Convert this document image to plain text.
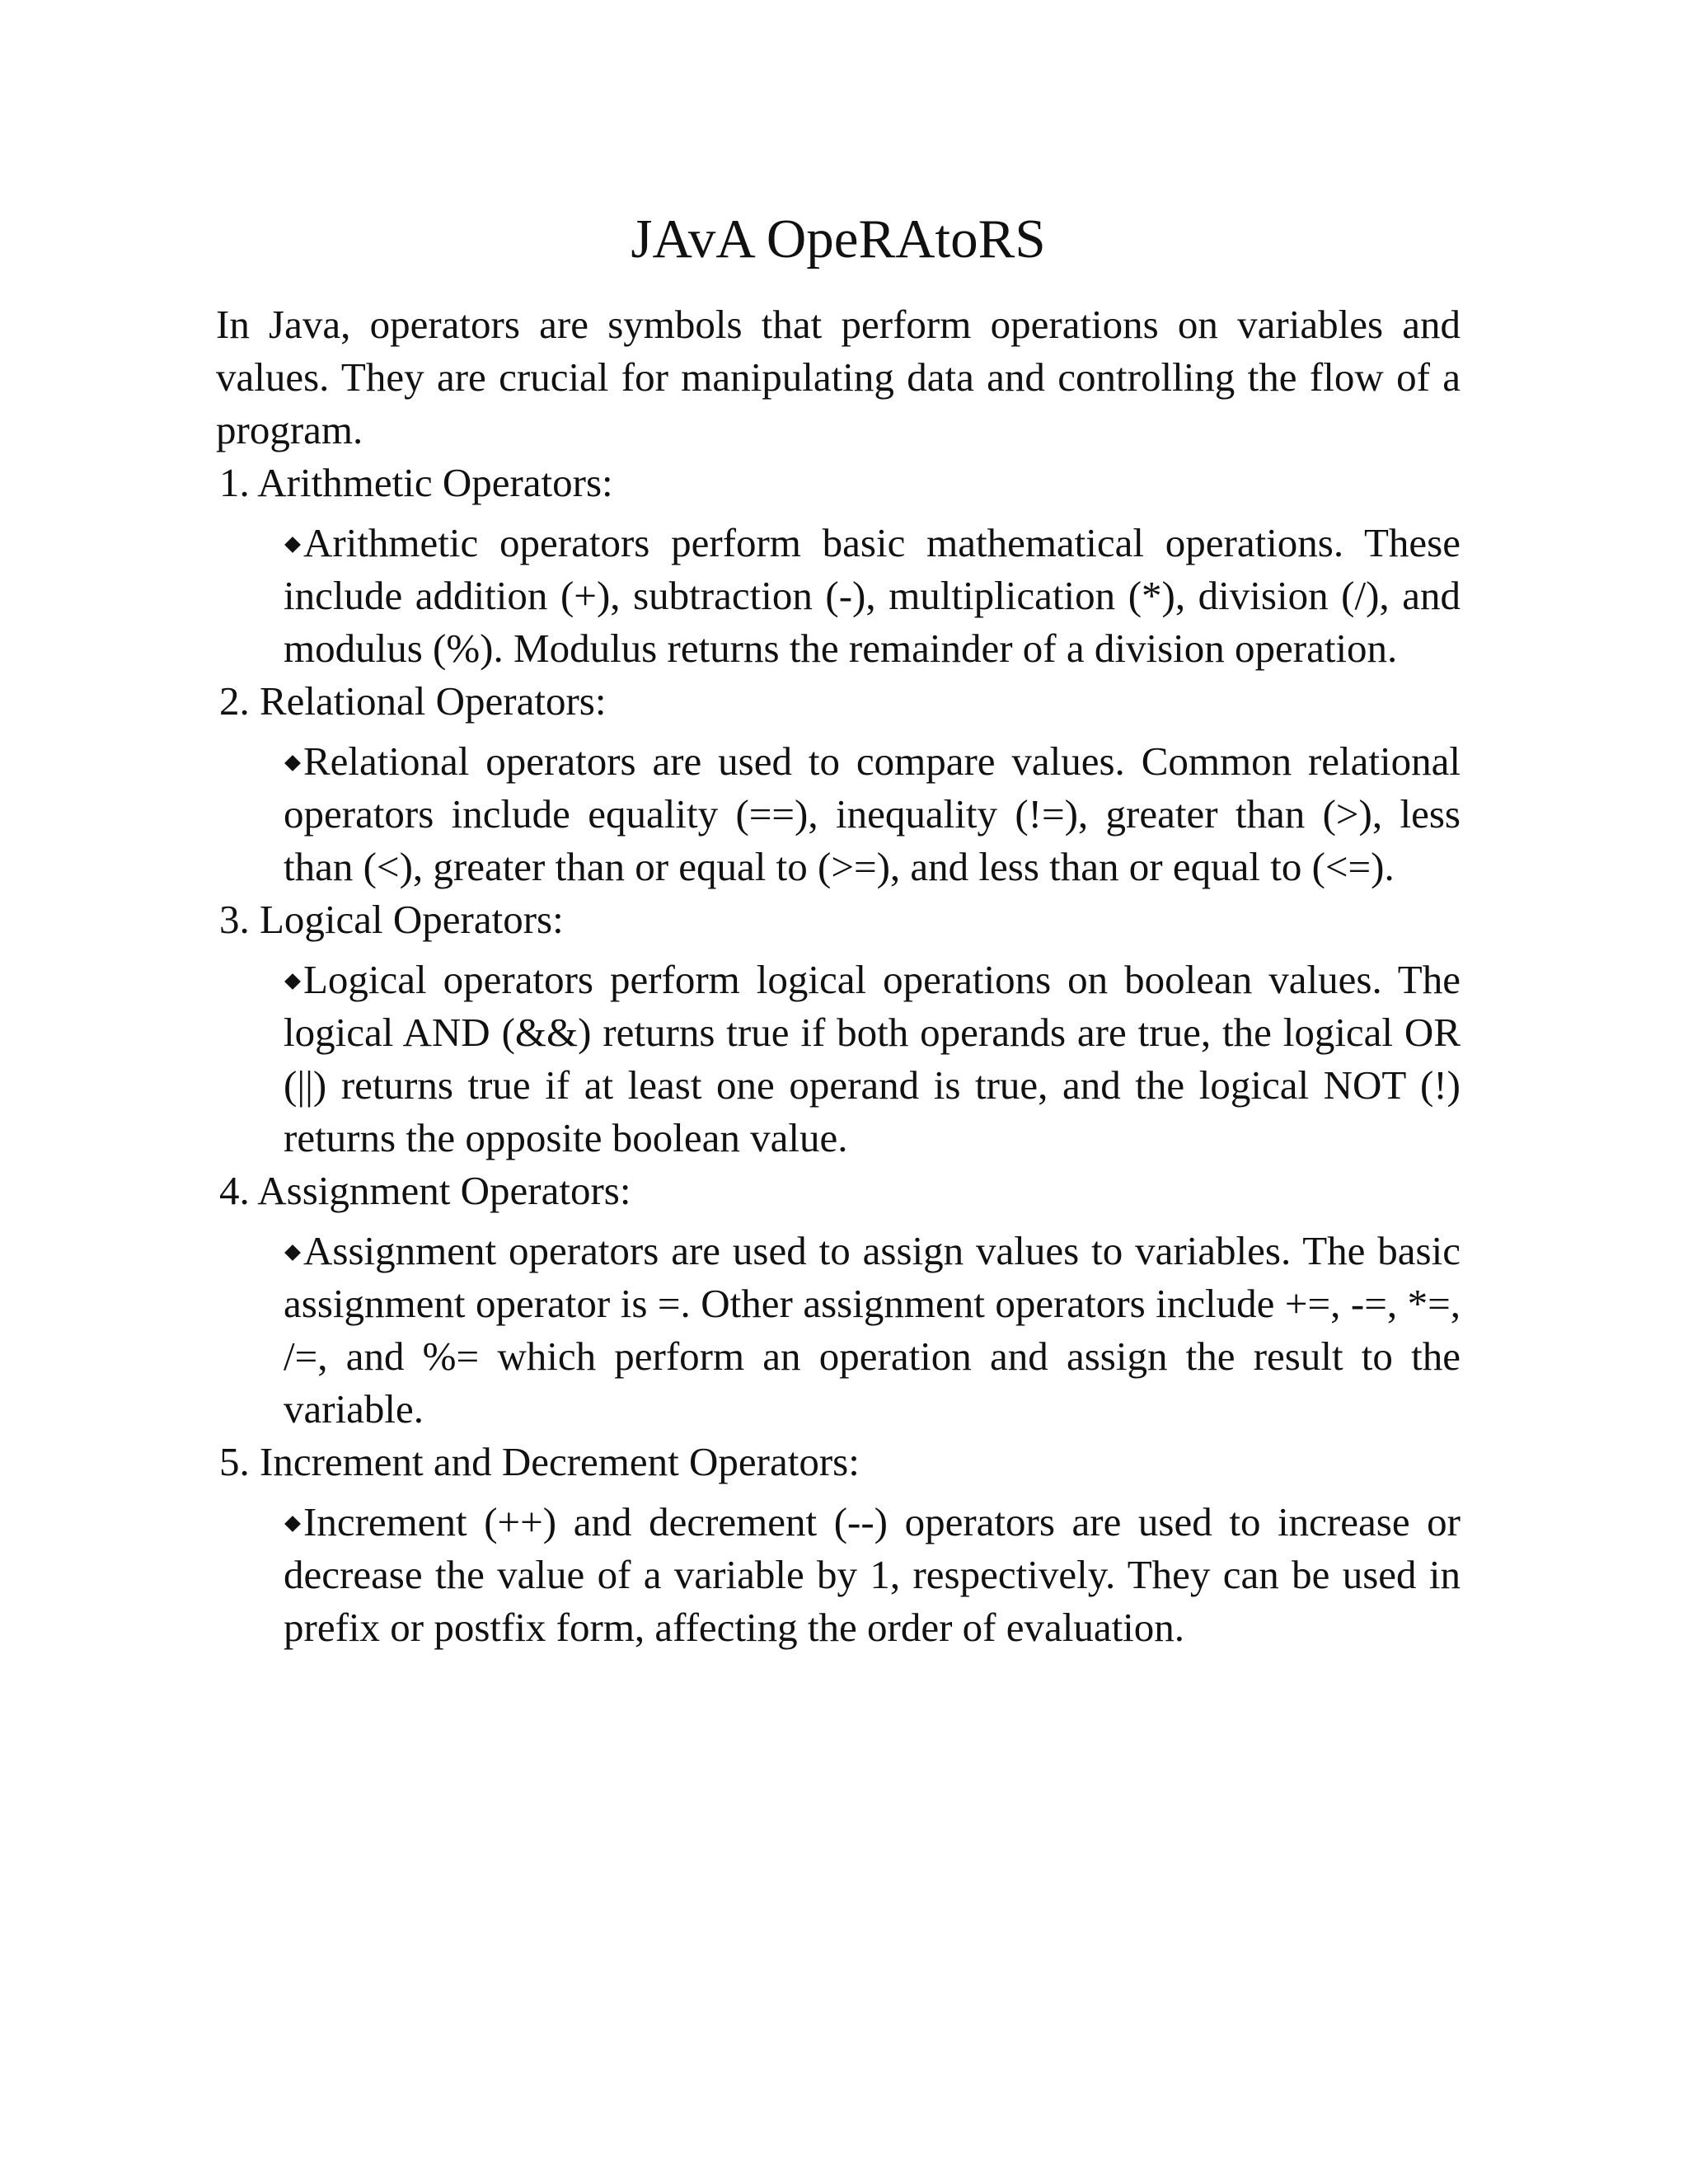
JAvA OpeRAtoRS

In Java, operators are symbols that perform operations on variables and values. They are crucial for manipulating data and controlling the flow of a program.

1. Arithmetic Operators:

Arithmetic operators perform basic mathematical operations. These include addition (+), subtraction (-), multiplication (*), division (/), and modulus (%). Modulus returns the remainder of a division operation.

2. Relational Operators:

Relational operators are used to compare values. Common relational operators include equality (==), inequality (!=), greater than (>), less than (<), greater than or equal to (>=), and less than or equal to (<=).

3. Logical Operators:

Logical operators perform logical operations on boolean values. The logical AND (&&) returns true if both operands are true, the logical OR (||) returns true if at least one operand is true, and the logical NOT (!) returns the opposite boolean value.

4. Assignment Operators:

Assignment operators are used to assign values to variables. The basic assignment operator is =. Other assignment operators include +=, -=, *=, /=, and %= which perform an operation and assign the result to the variable.

5. Increment and Decrement Operators:

Increment (++) and decrement (--) operators are used to increase or decrease the value of a variable by 1, respectively. They can be used in prefix or postfix form, affecting the order of evaluation.
